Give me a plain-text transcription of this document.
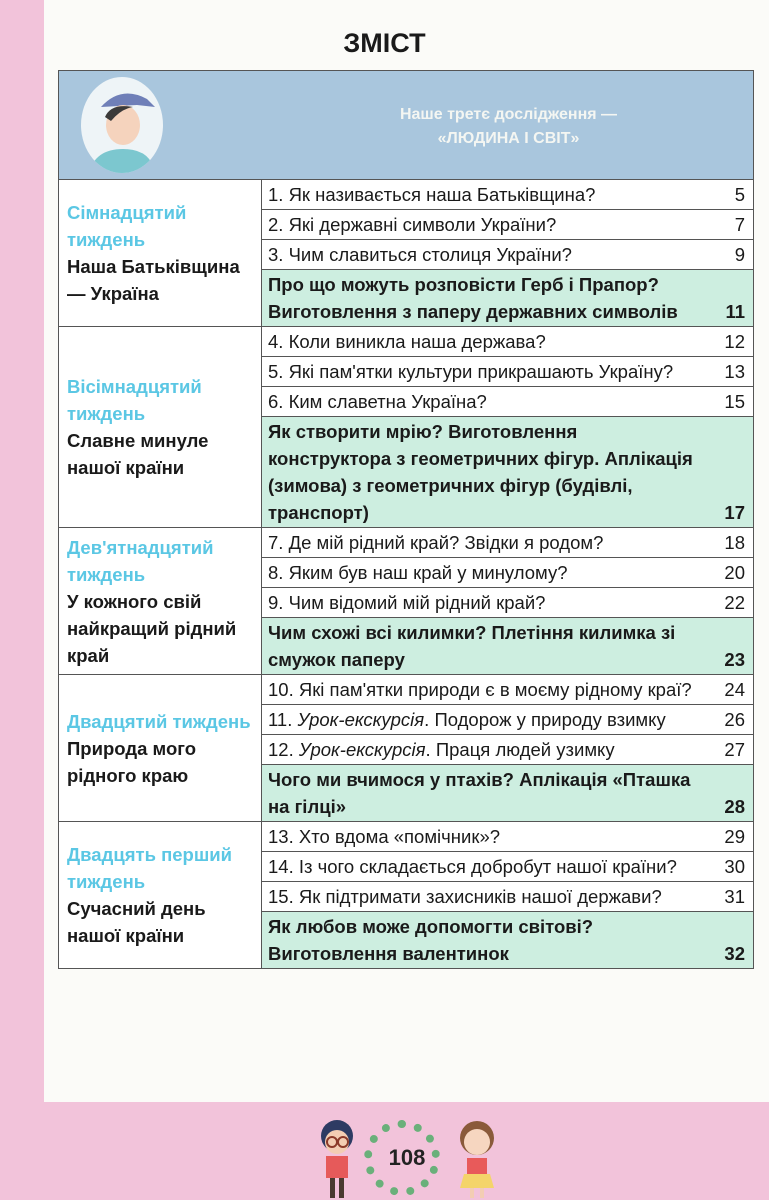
ЗМІСТ
Наше третє дослідження —
«ЛЮДИНА І СВІТ»
Сімнадцятий тиждень
Наша Батьківщина — Україна
1. Як називається наша Батьківщина?	5
2. Які державні символи України?	7
3. Чим славиться столиця України?	9
Про що можуть розповісти Герб і Прапор? Виготовлення з паперу державних символів	11
Вісімнадцятий тиждень
Славне минуле нашої країни
4. Коли виникла наша держава?	12
5. Які пам'ятки культури прикрашають Україну?	13
6. Ким славетна Україна?	15
Як створити мрію? Виготовлення конструктора з геометричних фігур. Аплікація (зимова) з геометричних фігур (будівлі, транспорт)	17
Дев'ятнадцятий тиждень
У кожного свій найкращий рідний край
7. Де мій рідний край? Звідки я родом?	18
8. Яким був наш край у минулому?	20
9. Чим відомий мій рідний край?	22
Чим схожі всі килимки? Плетіння килимка зі смужок паперу	23
Двадцятий тиждень
Природа мого рідного краю
10. Які пам'ятки природи є в моєму рідному краї?	24
11. Урок-екскурсія. Подорож у природу взимку	26
12. Урок-екскурсія. Праця людей узимку	27
Чого ми вчимося у птахів? Аплікація «Пташка на гілці»	28
Двадцять перший тиждень
Сучасний день нашої країни
13. Хто вдома «помічник»?	29
14. Із чого складається добробут нашої країни?	30
15. Як підтримати захисників нашої держави?	31
Як любов може допомогти світові? Виготовлення валентинок	32
108
